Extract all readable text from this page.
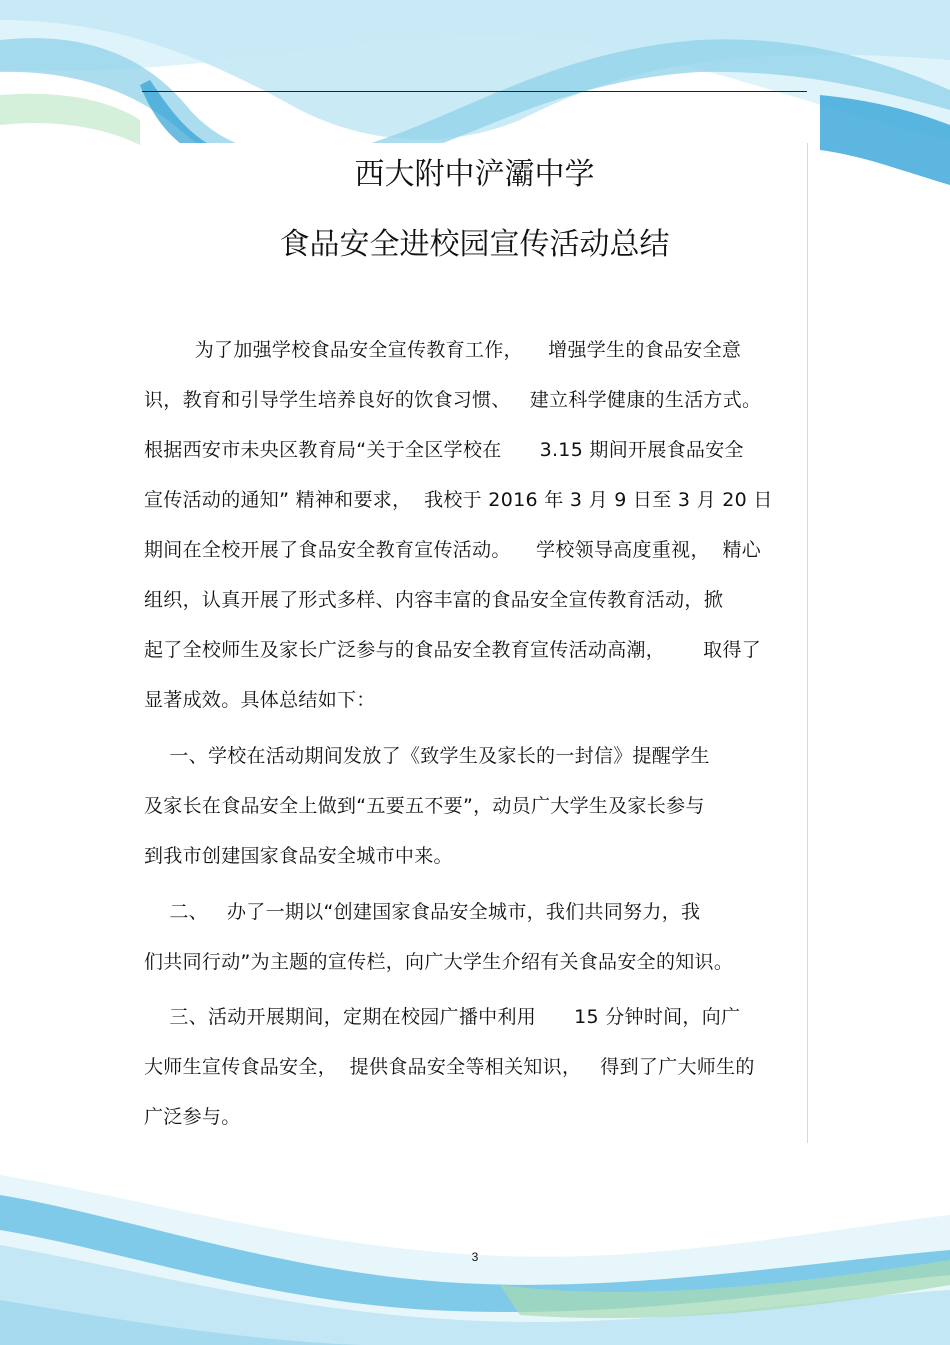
西大附中浐灞中学
食品安全进校园宣传活动总结
为了加强学校食品安全宣传教育工作，    增强学生的食品安全意
识，教育和引导学生培养良好的饮食习惯、   建立科学健康的生活方式。
根据西安市未央区教育局“关于全区学校在      3.15 期间开展食品安全
宣传活动的通知” 精神和要求，  我校于 2016 年 3 月 9 日至 3 月 20 日
期间在全校开展了食品安全教育宣传活动。    学校领导高度重视，  精心
组织，认真开展了形式多样、内容丰富的食品安全宣传教育活动，掀
起了全校师生及家长广泛参与的食品安全教育宣传活动高潮，      取得了
显著成效。具体总结如下：
一、学校在活动期间发放了《致学生及家长的一封信》提醒学生
及家长在食品安全上做到“五要五不要”，动员广大学生及家长参与
到我市创建国家食品安全城市中来。
二、   办了一期以“创建国家食品安全城市，我们共同努力，我
们共同行动”为主题的宣传栏，向广大学生介绍有关食品安全的知识。
三、活动开展期间，定期在校园广播中利用      15 分钟时间，向广
大师生宣传食品安全，  提供食品安全等相关知识，   得到了广大师生的
广泛参与。
3
